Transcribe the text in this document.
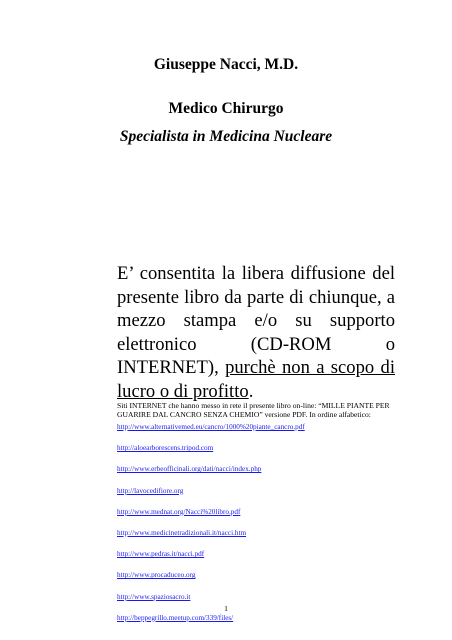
Giuseppe Nacci, M.D.

Medico Chirurgo

Specialista in Medicina Nucleare

E’ consentita la libera diffusione del presente libro da parte di chiunque, a mezzo stampa e/o su supporto elettronico (CD-ROM o INTERNET), purchè non a scopo di lucro o di profitto.

Siti INTERNET che hanno messo in rete il presente libro on-line: “MILLE PIANTE PER GUARIRE DAL CANCRO SENZA CHEMIO” versione PDF. In ordine alfabetico:

http://www.alternativemed.eu/cancro/1000%20piante_cancro.pdf
http://aloearborescens.tripod.com
http://www.erbeofficinali.org/dati/nacci/index.php
http://lavocedifiore.org
http://www.mednat.org/Nacci%20libro.pdf
http://www.medicinetradizionali.it/nacci.htm
http://www.pedras.it/nacci.pdf
http://www.procaduceo.org
http://www.spaziosacro.it
http://beppegrillo.meetup.com/339/files/

1
